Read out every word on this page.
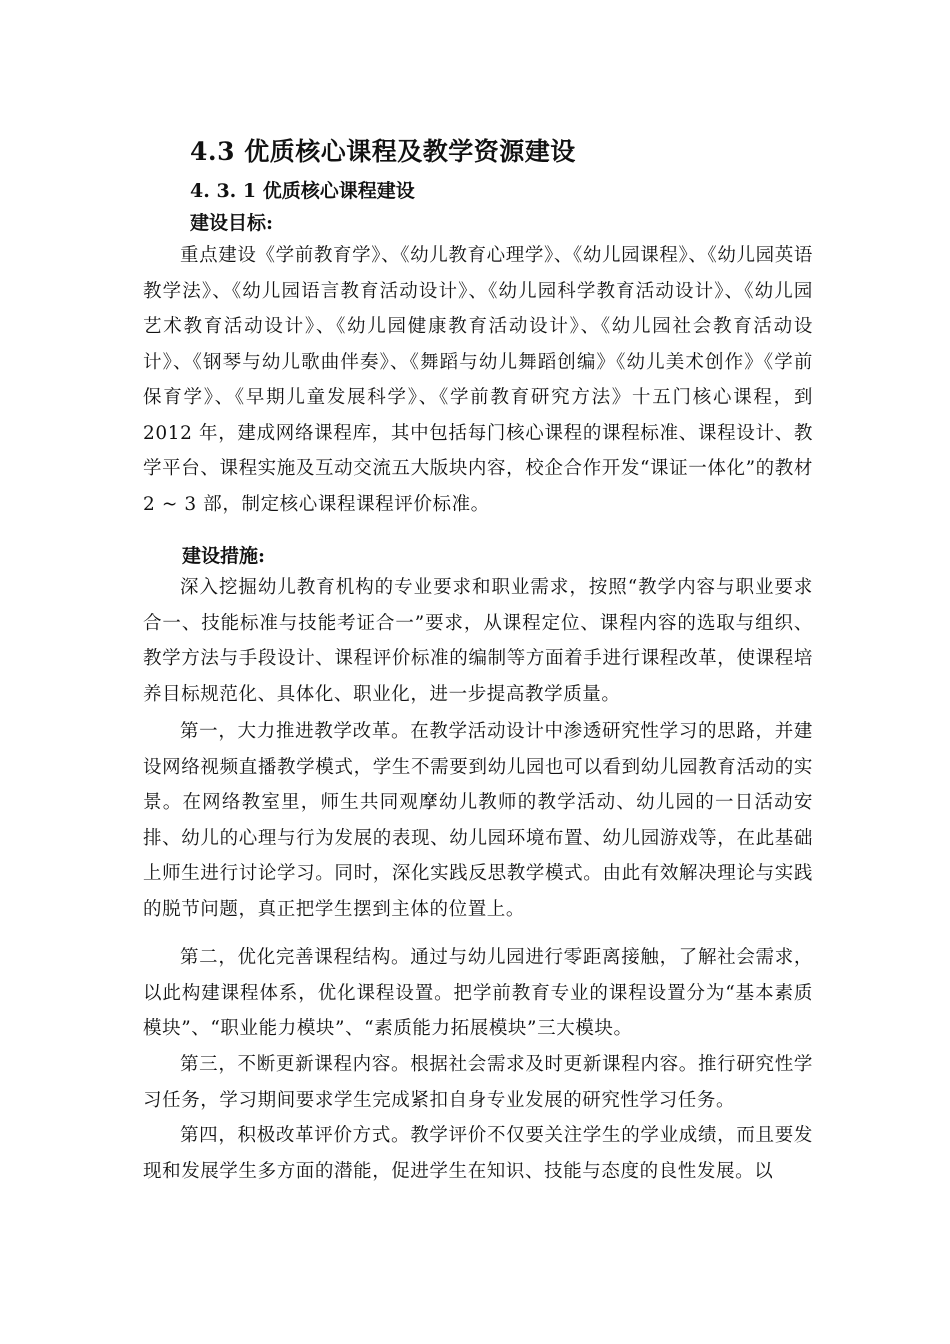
4.3 优质核心课程及教学资源建设
4. 3. 1 优质核心课程建设
建设目标:

重点建设《学前教育学》、《幼儿教育心理学》、《幼儿园课程》、《幼儿园英语教学法》、《幼儿园语言教育活动设计》、《幼儿园科学教育活动设计》、《幼儿园艺术教育活动设计》、《幼儿园健康教育活动设计》、《幼儿园社会教育活动设计》、《钢琴与幼儿歌曲伴奏》、《舞蹈与幼儿舞蹈创编》《幼儿美术创作》《学前保育学》、《早期儿童发展科学》、《学前教育研究方法》十五门核心课程，到 2012 年，建成网络课程库，其中包括每门核心课程的课程标准、课程设计、教学平台、课程实施及互动交流五大版块内容，校企合作开发“课证一体化”的教材 2 ~ 3 部，制定核心课程课程评价标准。

建设措施:

深入挖掘幼儿教育机构的专业要求和职业需求，按照“教学内容与职业要求合一、技能标准与技能考证合一”要求，从课程定位、课程内容的选取与组织、教学方法与手段设计、课程评价标准的编制等方面着手进行课程改革，使课程培养目标规范化、具体化、职业化，进一步提高教学质量。

第一，大力推进教学改革。在教学活动设计中渗透研究性学习的思路，并建设网络视频直播教学模式，学生不需要到幼儿园也可以看到幼儿园教育活动的实景。在网络教室里，师生共同观摩幼儿教师的教学活动、幼儿园的一日活动安排、幼儿的心理与行为发展的表现、幼儿园环境布置、幼儿园游戏等，在此基础上师生进行讨论学习。同时，深化实践反思教学模式。由此有效解决理论与实践的脱节问题，真正把学生摆到主体的位置上。

第二，优化完善课程结构。通过与幼儿园进行零距离接触，了解社会需求，以此构建课程体系，优化课程设置。把学前教育专业的课程设置分为“基本素质模块”、“职业能力模块”、“素质能力拓展模块”三大模块。

第三，不断更新课程内容。根据社会需求及时更新课程内容。推行研究性学习任务，学习期间要求学生完成紧扣自身专业发展的研究性学习任务。

第四，积极改革评价方式。教学评价不仅要关注学生的学业成绩，而且要发现和发展学生多方面的潜能，促进学生在知识、技能与态度的良性发展。以
